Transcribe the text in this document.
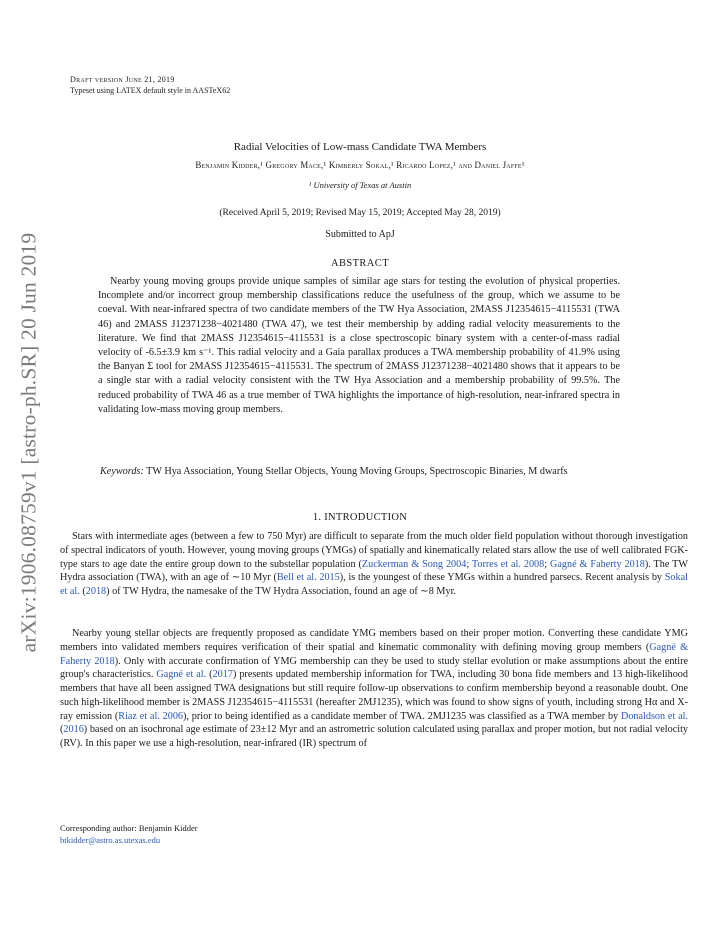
arXiv:1906.08759v1 [astro-ph.SR] 20 Jun 2019
Draft version June 21, 2019
Typeset using LATEX default style in AASTeX62
Radial Velocities of Low-mass Candidate TWA Members
Benjamin Kidder,¹ Gregory Mace,¹ Kimberly Sokal,¹ Ricardo Lopez,¹ and Daniel Jaffe¹
¹ University of Texas at Austin
(Received April 5, 2019; Revised May 15, 2019; Accepted May 28, 2019)
Submitted to ApJ
ABSTRACT

Nearby young moving groups provide unique samples of similar age stars for testing the evolution of physical properties. Incomplete and/or incorrect group membership classifications reduce the usefulness of the group, which we assume to be coeval. With near-infrared spectra of two candidate members of the TW Hya Association, 2MASS J12354615−4115531 (TWA 46) and 2MASS J12371238−4021480 (TWA 47), we test their membership by adding radial velocity measurements to the literature. We find that 2MASS J12354615−4115531 is a close spectroscopic binary system with a center-of-mass radial velocity of -6.5±3.9 km s⁻¹. This radial velocity and a Gaia parallax produces a TWA membership probability of 41.9% using the Banyan Σ tool for 2MASS J12354615−4115531. The spectrum of 2MASS J12371238−4021480 shows that it appears to be a single star with a radial velocity consistent with the TW Hya Association and a membership probability of 99.5%. The reduced probability of TWA 46 as a true member of TWA highlights the importance of high-resolution, near-infrared spectra in validating low-mass moving group members.

Keywords: TW Hya Association, Young Stellar Objects, Young Moving Groups, Spectroscopic Binaries, M dwarfs

1. INTRODUCTION

Stars with intermediate ages (between a few to 750 Myr) are difficult to separate from the much older field population without thorough investigation of spectral indicators of youth. However, young moving groups (YMGs) of spatially and kinematically related stars allow the use of well calibrated FGK-type stars to age date the entire group down to the substellar population (Zuckerman & Song 2004; Torres et al. 2008; Gagné & Faherty 2018). The TW Hydra association (TWA), with an age of ∼10 Myr (Bell et al. 2015), is the youngest of these YMGs within a hundred parsecs. Recent analysis by Sokal et al. (2018) of TW Hydra, the namesake of the TW Hydra Association, found an age of ∼8 Myr.

Nearby young stellar objects are frequently proposed as candidate YMG members based on their proper motion. Converting these candidate YMG members into validated members requires verification of their spatial and kinematic commonality with defining moving group members (Gagné & Faherty 2018). Only with accurate confirmation of YMG membership can they be used to study stellar evolution or make assumptions about the entire group's characteristics. Gagné et al. (2017) presents updated membership information for TWA, including 30 bona fide members and 13 high-likelihood members that have all been assigned TWA designations but still require follow-up observations to confirm membership beyond a reasonable doubt. One such high-likelihood member is 2MASS J12354615−4115531 (hereafter 2MJ1235), which was found to show signs of youth, including strong Hα and X-ray emission (Riaz et al. 2006), prior to being identified as a candidate member of TWA. 2MJ1235 was classified as a TWA member by Donaldson et al. (2016) based on an isochronal age estimate of 23±12 Myr and an astrometric solution calculated using parallax and proper motion, but not radial velocity (RV). In this paper we use a high-resolution, near-infrared (IR) spectrum of

Corresponding author: Benjamin Kidder
btkidder@astro.as.utexas.edu
